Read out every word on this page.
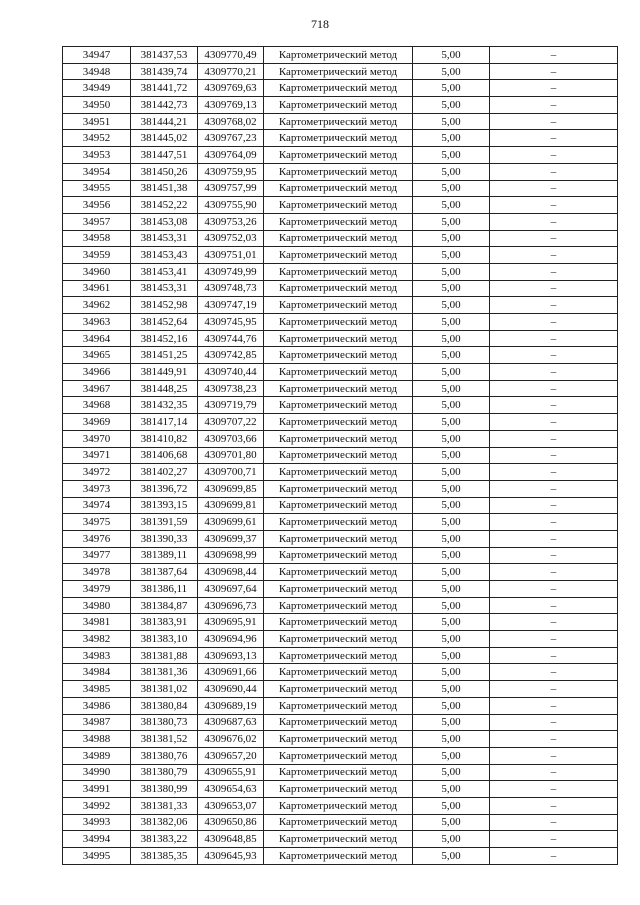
718
34947	381437,53	4309770,49	Картометрический метод	5,00	–
34948	381439,74	4309770,21	Картометрический метод	5,00	–
34949	381441,72	4309769,63	Картометрический метод	5,00	–
34950	381442,73	4309769,13	Картометрический метод	5,00	–
34951	381444,21	4309768,02	Картометрический метод	5,00	–
34952	381445,02	4309767,23	Картометрический метод	5,00	–
34953	381447,51	4309764,09	Картометрический метод	5,00	–
34954	381450,26	4309759,95	Картометрический метод	5,00	–
34955	381451,38	4309757,99	Картометрический метод	5,00	–
34956	381452,22	4309755,90	Картометрический метод	5,00	–
34957	381453,08	4309753,26	Картометрический метод	5,00	–
34958	381453,31	4309752,03	Картометрический метод	5,00	–
34959	381453,43	4309751,01	Картометрический метод	5,00	–
34960	381453,41	4309749,99	Картометрический метод	5,00	–
34961	381453,31	4309748,73	Картометрический метод	5,00	–
34962	381452,98	4309747,19	Картометрический метод	5,00	–
34963	381452,64	4309745,95	Картометрический метод	5,00	–
34964	381452,16	4309744,76	Картометрический метод	5,00	–
34965	381451,25	4309742,85	Картометрический метод	5,00	–
34966	381449,91	4309740,44	Картометрический метод	5,00	–
34967	381448,25	4309738,23	Картометрический метод	5,00	–
34968	381432,35	4309719,79	Картометрический метод	5,00	–
34969	381417,14	4309707,22	Картометрический метод	5,00	–
34970	381410,82	4309703,66	Картометрический метод	5,00	–
34971	381406,68	4309701,80	Картометрический метод	5,00	–
34972	381402,27	4309700,71	Картометрический метод	5,00	–
34973	381396,72	4309699,85	Картометрический метод	5,00	–
34974	381393,15	4309699,81	Картометрический метод	5,00	–
34975	381391,59	4309699,61	Картометрический метод	5,00	–
34976	381390,33	4309699,37	Картометрический метод	5,00	–
34977	381389,11	4309698,99	Картометрический метод	5,00	–
34978	381387,64	4309698,44	Картометрический метод	5,00	–
34979	381386,11	4309697,64	Картометрический метод	5,00	–
34980	381384,87	4309696,73	Картометрический метод	5,00	–
34981	381383,91	4309695,91	Картометрический метод	5,00	–
34982	381383,10	4309694,96	Картометрический метод	5,00	–
34983	381381,88	4309693,13	Картометрический метод	5,00	–
34984	381381,36	4309691,66	Картометрический метод	5,00	–
34985	381381,02	4309690,44	Картометрический метод	5,00	–
34986	381380,84	4309689,19	Картометрический метод	5,00	–
34987	381380,73	4309687,63	Картометрический метод	5,00	–
34988	381381,52	4309676,02	Картометрический метод	5,00	–
34989	381380,76	4309657,20	Картометрический метод	5,00	–
34990	381380,79	4309655,91	Картометрический метод	5,00	–
34991	381380,99	4309654,63	Картометрический метод	5,00	–
34992	381381,33	4309653,07	Картометрический метод	5,00	–
34993	381382,06	4309650,86	Картометрический метод	5,00	–
34994	381383,22	4309648,85	Картометрический метод	5,00	–
34995	381385,35	4309645,93	Картометрический метод	5,00	–
